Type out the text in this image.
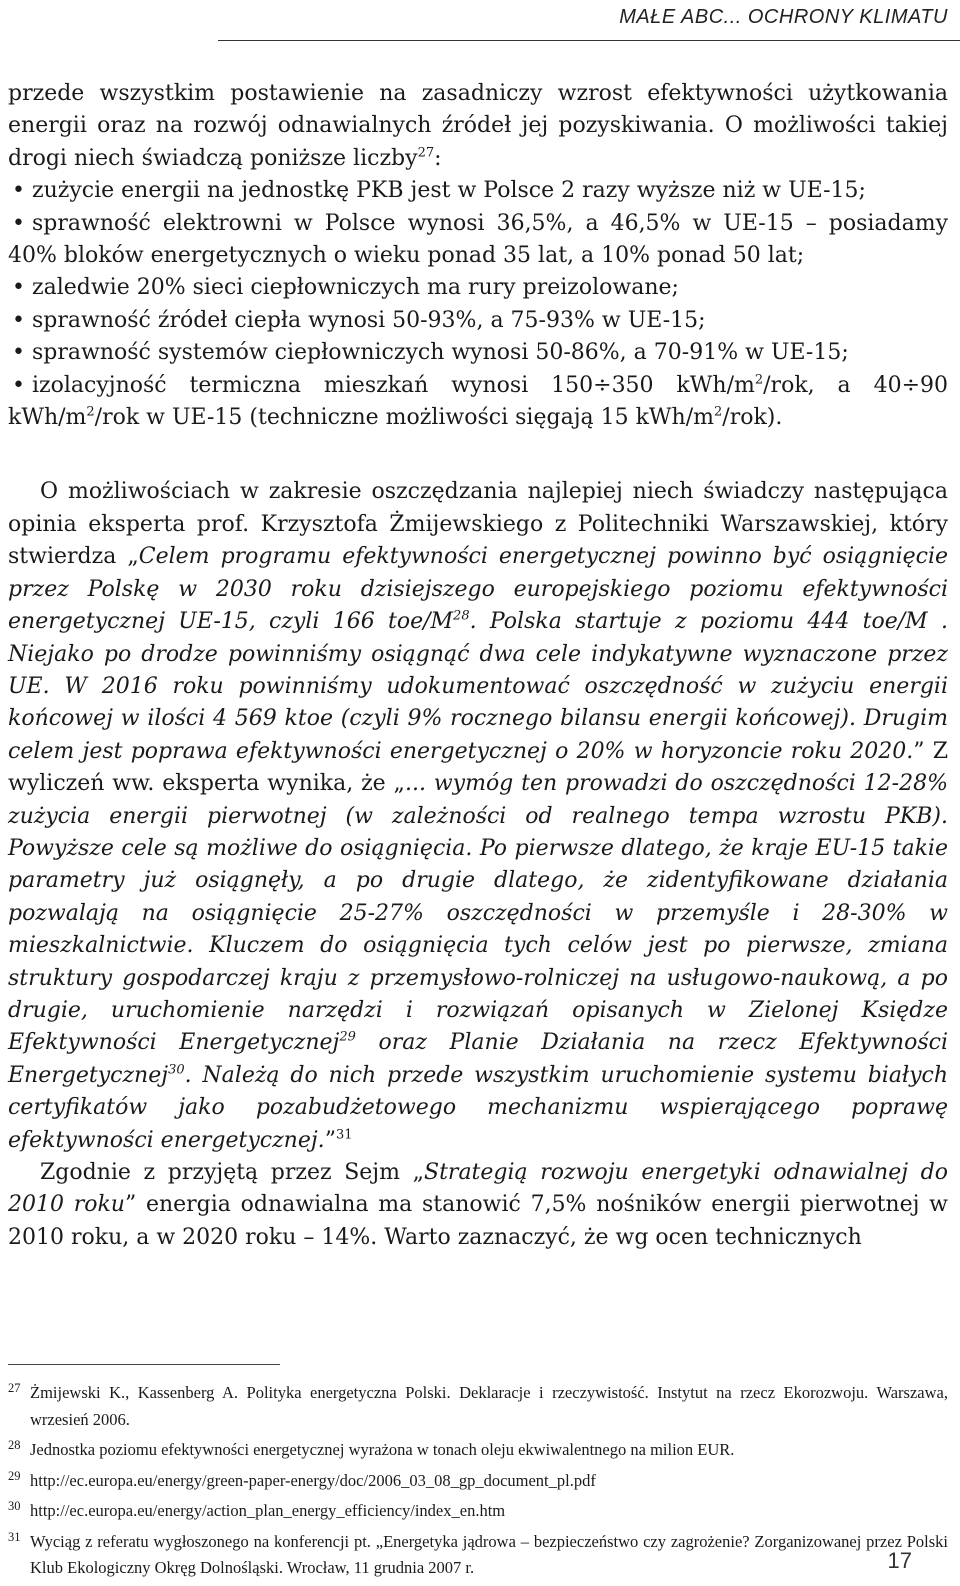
MAŁE ABC... OCHRONY KLIMATU

przede wszystkim postawienie na zasadniczy wzrost efektywności użytkowania energii oraz na rozwój odnawialnych źródeł jej pozyskiwania. O możliwości takiej drogi niech świadczą poniższe liczby$^{27}$:

• zużycie energii na jednostkę PKB jest w Polsce 2 razy wyższe niż w UE-15;
• sprawność elektrowni w Polsce wynosi 36,5%, a 46,5% w UE-15 – posiadamy 40% bloków energetycznych o wieku ponad 35 lat, a 10% ponad 50 lat;
• zaledwie 20% sieci ciepłowniczych ma rury preizolowane;
• sprawność źródeł ciepła wynosi 50-93%, a 75-93% w UE-15;
• sprawność systemów ciepłowniczych wynosi 50-86%, a 70-91% w UE-15;
• izolacyjność termiczna mieszkań wynosi 150÷350 kWh/$m^2$/rok, a 40÷90 kWh/$m^2$/rok w UE-15 (techniczne możliwości sięgają 15 kWh/$m^2/rok$).

O możliwościach w zakresie oszczędzania najlepiej niech świadczy następująca opinia eksperta prof. Krzysztofa Żmijewskiego z Politechniki Warszawskiej, który stwierdza „Celem programu efektywności energetycznej powinno być osiągnięcie przez Polskę w 2030 roku dzisiejszego europejskiego poziomu efektywności energetycznej UE-15, czyli 166 toe/$M^{28}$. Polska startuje z poziomu 444 toe/M . Niejako po drodze powinniśmy osiągnąć dwa cele indykatywne wyznaczone przez UE. W 2016 roku powinniśmy udokumentować oszczędność w zużyciu energii końcowej w ilości 4 569 ktoe (czyli 9% rocznego bilansu energii końcowej). Drugim celem jest poprawa efektywności energetycznej o 20% w horyzoncie roku 2020.” Z wyliczeń ww. eksperta wynika, że „... wymóg ten prowadzi do oszczędności 12-28% zużycia energii pierwotnej (w zależności od realnego tempa wzrostu PKB). Powyższe cele są możliwe do osiągnięcia. Po pierwsze dlatego, że kraje EU-15 takie parametry już osiągnęły, a po drugie dlatego, że zidentyfikowane działania pozwalają na osiągnięcie 25-27% oszczędności w przemyśle i 28-30% w mieszkalnictwie. Kluczem do osiągnięcia tych celów jest po pierwsze, zmiana struktury gospodarczej kraju z przemysłowo-rolniczej na usługowo-naukową, a po drugie, uruchomienie narzędzi i rozwiązań opisanych w Zielonej Księdze Efektywności Energetycznej$^{29}$ oraz Planie Działania na rzecz Efektywności Energetycznej$^{30}$. Należą do nich przede wszystkim uruchomienie systemu białych certyfikatów jako pozabudżetowego mechanizmu wspierającego poprawę efektywności energetycznej.”$^{31}$

Zgodnie z przyjętą przez Sejm „Strategią rozwoju energetyki odnawialnej do 2010 roku” energia odnawialna ma stanowić 7,5% nośników energii pierwotnej w 2010 roku, a w 2020 roku – 14%. Warto zaznaczyć, że wg ocen technicznych

27 Żmijewski K., Kassenberg A. Polityka energetyczna Polski. Deklaracje i rzeczywistość. Instytut na rzecz Ekorozwoju. Warszawa, wrzesień 2006.
28 Jednostka poziomu efektywności energetycznej wyrażona w tonach oleju ekwiwalentnego na milion EUR.
29 http://ec.europa.eu/energy/green-paper-energy/doc/2006_03_08_gp_document_pl.pdf
30 http://ec.europa.eu/energy/action_plan_energy_efficiency/index_en.htm
31 Wyciąg z referatu wygłoszonego na konferencji pt. „Energetyka jądrowa – bezpieczeństwo czy zagrożenie? Zorganizowanej przez Polski Klub Ekologiczny Okręg Dolnośląski. Wrocław, 11 grudnia 2007 r.	17
